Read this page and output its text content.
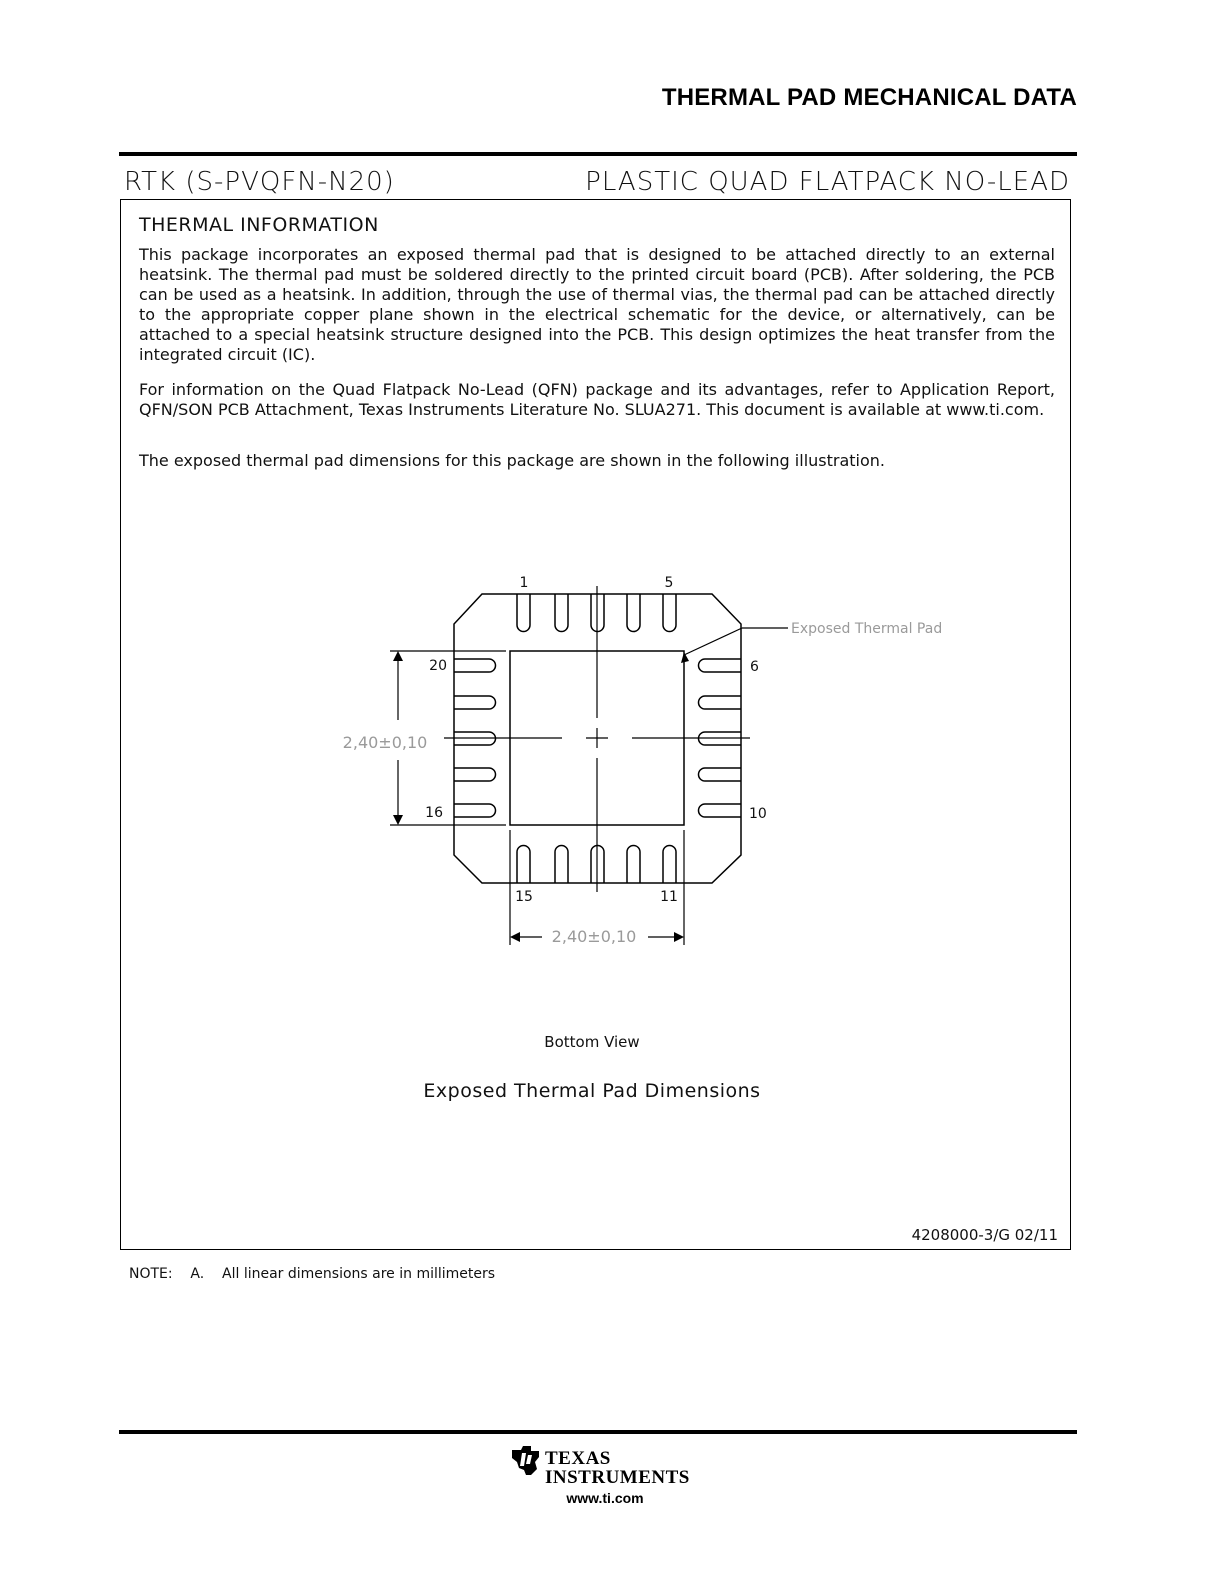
THERMAL PAD MECHANICAL DATA
RTK (S-PVQFN-N20)	PLASTIC QUAD FLATPACK NO-LEAD
THERMAL INFORMATION
This package incorporates an exposed thermal pad that is designed to be attached directly to an external heatsink. The thermal pad must be soldered directly to the printed circuit board (PCB). After soldering, the PCB can be used as a heatsink. In addition, through the use of thermal vias, the thermal pad can be attached directly to the appropriate copper plane shown in the electrical schematic for the device, or alternatively, can be attached to a special heatsink structure designed into the PCB. This design optimizes the heat transfer from the integrated circuit (IC).
For information on the Quad Flatpack No-Lead (QFN) package and its advantages, refer to Application Report, QFN/SON PCB Attachment, Texas Instruments Literature No. SLUA271. This document is available at www.ti.com.
The exposed thermal pad dimensions for this package are shown in the following illustration.
1	5
6
10
11
15
16
20
Exposed Thermal Pad
2,40±0,10
2,40±0,10
Bottom View
Exposed Thermal Pad Dimensions
4208000-3/G 02/11
NOTE: A. All linear dimensions are in millimeters
TEXAS
INSTRUMENTS
www.ti.com
